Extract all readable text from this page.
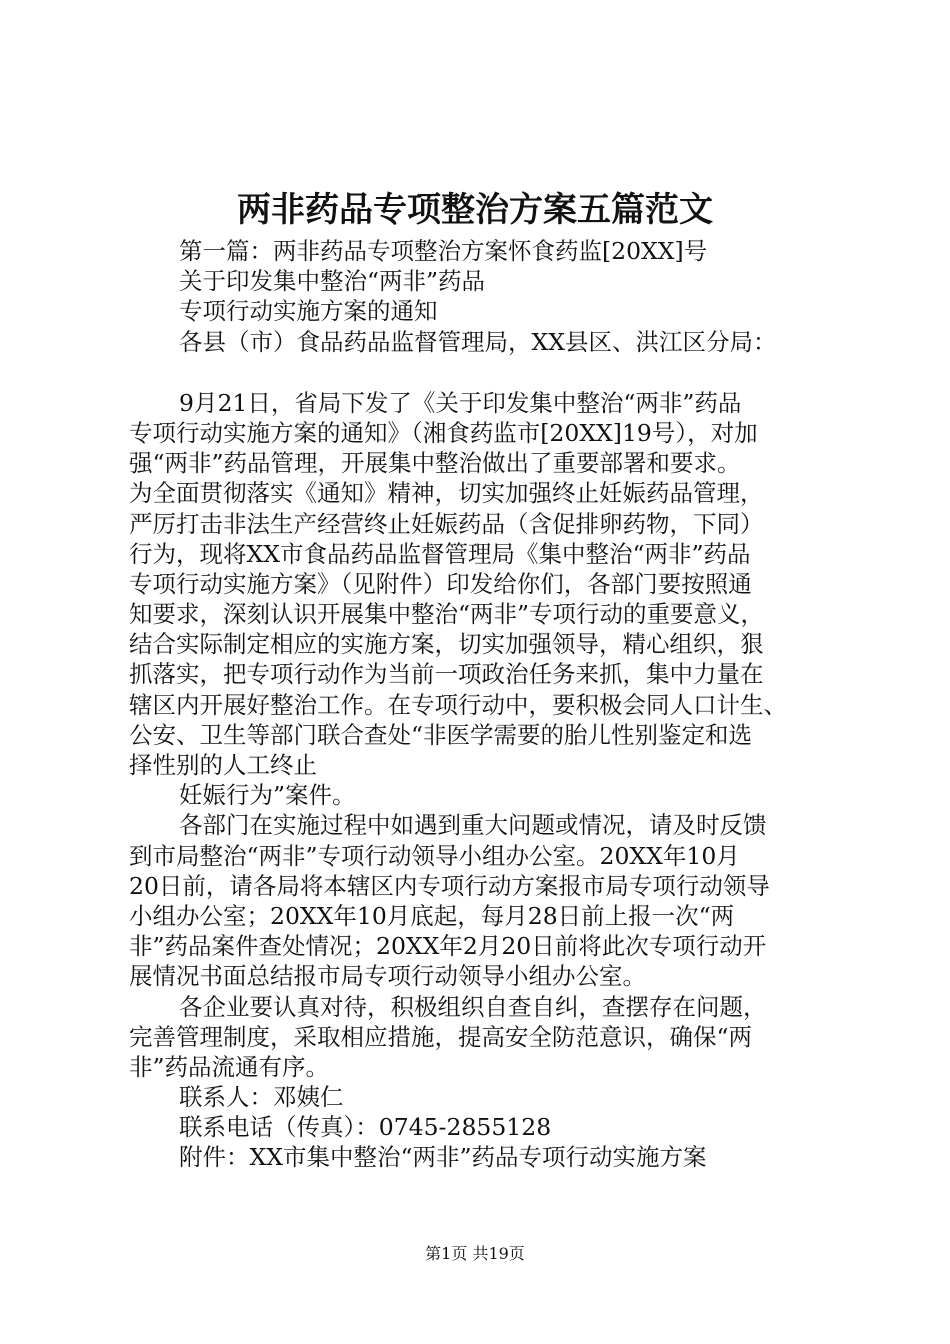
两非药品专项整治方案五篇范文
第一篇：两非药品专项整治方案怀食药监[20XX]号
关于印发集中整治“两非”药品
专项行动实施方案的通知
各县（市）食品药品监督管理局，XX县区、洪江区分局：
9月21日，省局下发了《关于印发集中整治“两非”药品
专项行动实施方案的通知》（湘食药监市[20XX]19号），对加
强“两非”药品管理，开展集中整治做出了重要部署和要求。
为全面贯彻落实《通知》精神，切实加强终止妊娠药品管理，
严厉打击非法生产经营终止妊娠药品（含促排卵药物，下同）
行为，现将XX市食品药品监督管理局《集中整治“两非”药品
专项行动实施方案》（见附件）印发给你们，各部门要按照通
知要求，深刻认识开展集中整治“两非”专项行动的重要意义，
结合实际制定相应的实施方案，切实加强领导，精心组织，狠
抓落实，把专项行动作为当前一项政治任务来抓，集中力量在
辖区内开展好整治工作。在专项行动中，要积极会同人口计生、
公安、卫生等部门联合查处“非医学需要的胎儿性别鉴定和选
择性别的人工终止
妊娠行为”案件。
各部门在实施过程中如遇到重大问题或情况，请及时反馈
到市局整治“两非”专项行动领导小组办公室。20XX年10月
20日前，请各局将本辖区内专项行动方案报市局专项行动领导
小组办公室；20XX年10月底起，每月28日前上报一次“两
非”药品案件查处情况；20XX年2月20日前将此次专项行动开
展情况书面总结报市局专项行动领导小组办公室。
各企业要认真对待，积极组织自查自纠，查摆存在问题，
完善管理制度，采取相应措施，提高安全防范意识，确保“两
非”药品流通有序。
联系人：邓姨仁
联系电话（传真）：0745-2855128
附件：XX市集中整治“两非”药品专项行动实施方案
第1页 共19页
